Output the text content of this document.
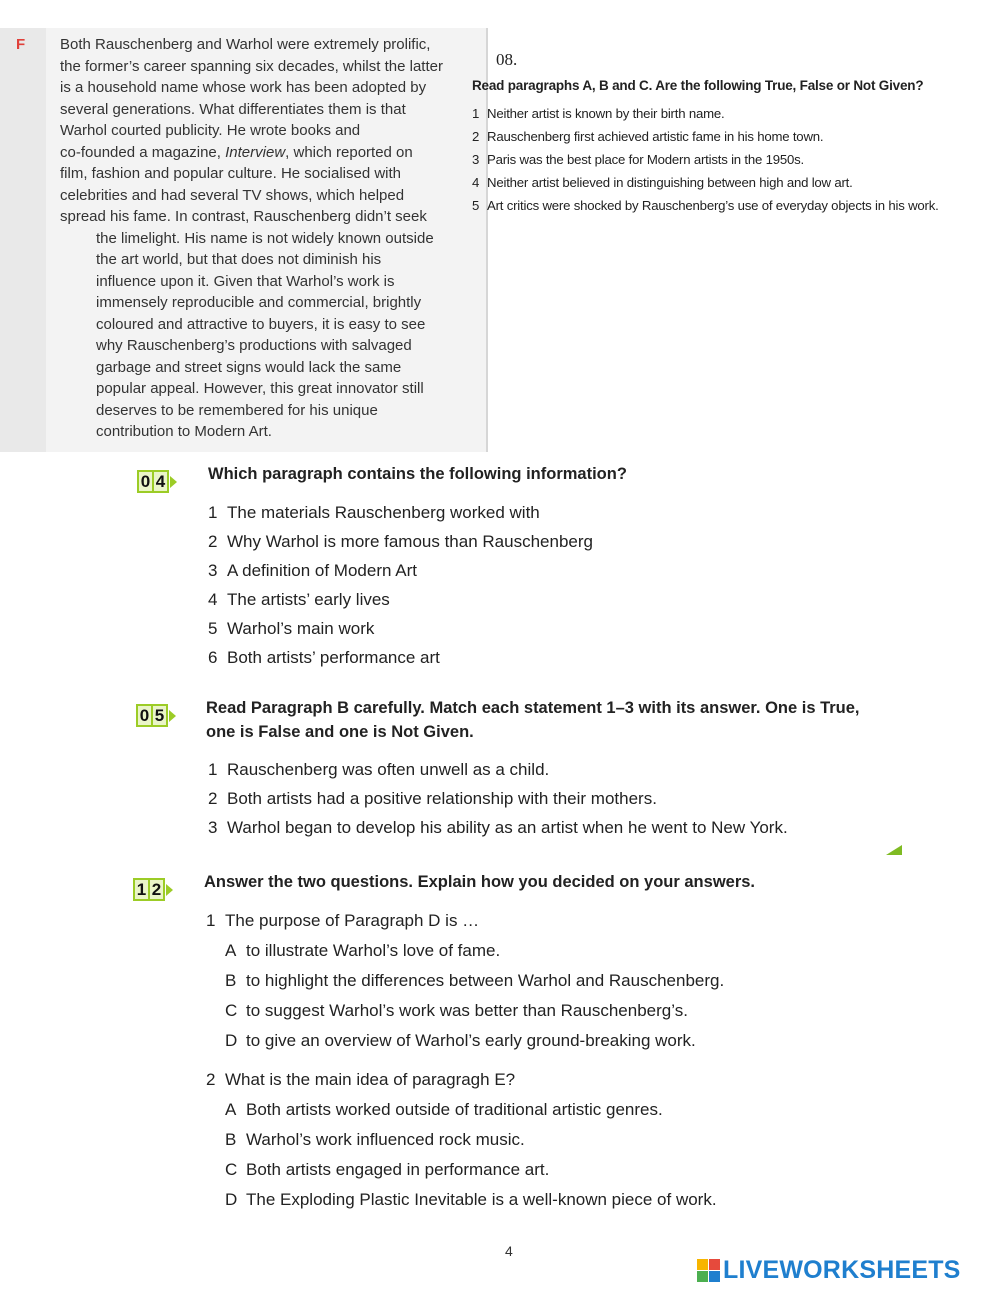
F Both Rauschenberg and Warhol were extremely prolific,
the former’s career spanning six decades, whilst the latter
is a household name whose work has been adopted by
several generations. What differentiates them is that
Warhol courted publicity. He wrote books and
co-founded a magazine, Interview, which reported on
film, fashion and popular culture. He socialised with
celebrities and had several TV shows, which helped
spread his fame. In contrast, Rauschenberg didn’t seek
the limelight. His name is not widely known outside
the art world, but that does not diminish his
influence upon it. Given that Warhol’s work is
immensely reproducible and commercial, brightly
coloured and attractive to buyers, it is easy to see
why Rauschenberg’s productions with salvaged
garbage and street signs would lack the same
popular appeal. However, this great innovator still
deserves to be remembered for his unique
contribution to Modern Art.

08.
Read paragraphs A, B and C. Are the following True, False or Not Given?
1 Neither artist is known by their birth name.
2 Rauschenberg first achieved artistic fame in his home town.
3 Paris was the best place for Modern artists in the 1950s.
4 Neither artist believed in distinguishing between high and low art.
5 Art critics were shocked by Rauschenberg’s use of everyday objects in his work.
0 4	Which paragraph contains the following information?
1 The materials Rauschenberg worked with
2 Why Warhol is more famous than Rauschenberg
3 A definition of Modern Art
4 The artists’ early lives
5 Warhol’s main work
6 Both artists’ performance art
0 5	Read Paragraph B carefully. Match each statement 1–3 with its answer. One is True,
one is False and one is Not Given.
1 Rauschenberg was often unwell as a child.
2 Both artists had a positive relationship with their mothers.
3 Warhol began to develop his ability as an artist when he went to New York.
1 2	Answer the two questions. Explain how you decided on your answers.
1 The purpose of Paragraph D is …
A to illustrate Warhol’s love of fame.
B to highlight the differences between Warhol and Rauschenberg.
C to suggest Warhol’s work was better than Rauschenberg’s.
D to give an overview of Warhol’s early ground-breaking work.
2 What is the main idea of paragragh E?
A Both artists worked outside of traditional artistic genres.
B Warhol’s work influenced rock music.
C Both artists engaged in performance art.
D The Exploding Plastic Inevitable is a well-known piece of work.
4
LIVEWORKSHEETS
